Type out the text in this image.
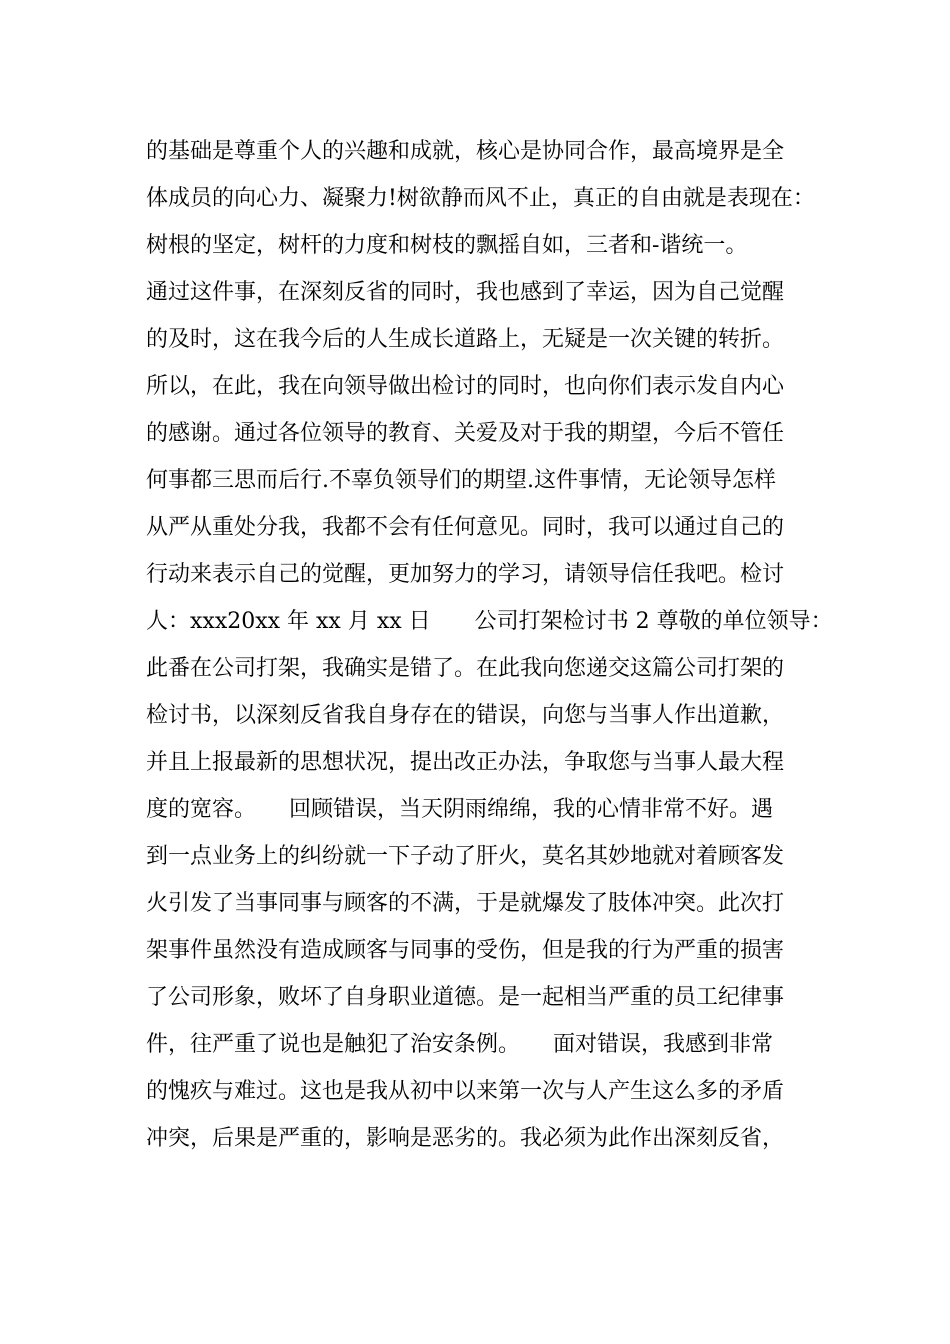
的基础是尊重个人的兴趣和成就，核心是协同合作，最高境界是全
体成员的向心力、凝聚力!树欲静而风不止，真正的自由就是表现在：
树根的坚定，树杆的力度和树枝的飘摇自如，三者和-谐统一。
通过这件事，在深刻反省的同时，我也感到了幸运，因为自己觉醒
的及时，这在我今后的人生成长道路上，无疑是一次关键的转折。
所以，在此，我在向领导做出检讨的同时，也向你们表示发自内心
的感谢。通过各位领导的教育、关爱及对于我的期望，今后不管任
何事都三思而后行.不辜负领导们的期望.这件事情，无论领导怎样
从严从重处分我，我都不会有任何意见。同时，我可以通过自己的
行动来表示自己的觉醒，更加努力的学习，请领导信任我吧。检讨
人：xxx20xx 年 xx 月 xx 日　　公司打架检讨书 2 尊敬的单位领导：
此番在公司打架，我确实是错了。在此我向您递交这篇公司打架的
检讨书，以深刻反省我自身存在的错误，向您与当事人作出道歉，
并且上报最新的思想状况，提出改正办法，争取您与当事人最大程
度的宽容。　　回顾错误，当天阴雨绵绵，我的心情非常不好。遇
到一点业务上的纠纷就一下子动了肝火，莫名其妙地就对着顾客发
火引发了当事同事与顾客的不满，于是就爆发了肢体冲突。此次打
架事件虽然没有造成顾客与同事的受伤，但是我的行为严重的损害
了公司形象，败坏了自身职业道德。是一起相当严重的员工纪律事
件，往严重了说也是触犯了治安条例。　　面对错误，我感到非常
的愧疚与难过。这也是我从初中以来第一次与人产生这么多的矛盾
冲突，后果是严重的，影响是恶劣的。我必须为此作出深刻反省，
